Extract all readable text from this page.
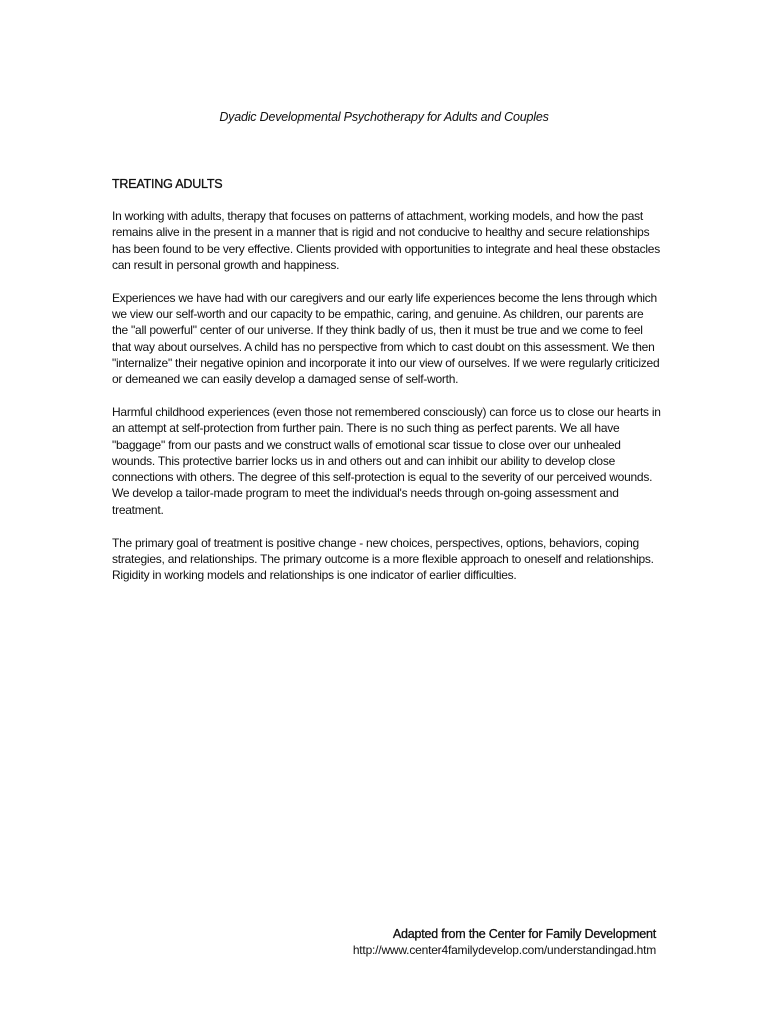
Dyadic Developmental Psychotherapy for Adults and Couples
TREATING ADULTS

In working with adults, therapy that focuses on patterns of attachment, working models, and how the past remains alive in the present in a manner that is rigid and not conducive to healthy and secure relationships has been found to be very effective. Clients provided with opportunities to integrate and heal these obstacles can result in personal growth and happiness.

Experiences we have had with our caregivers and our early life experiences become the lens through which we view our self-worth and our capacity to be empathic, caring, and genuine. As children, our parents are the "all powerful" center of our universe. If they think badly of us, then it must be true and we come to feel that way about ourselves. A child has no perspective from which to cast doubt on this assessment. We then "internalize" their negative opinion and incorporate it into our view of ourselves. If we were regularly criticized or demeaned we can easily develop a damaged sense of self-worth.

Harmful childhood experiences (even those not remembered consciously) can force us to close our hearts in an attempt at self-protection from further pain. There is no such thing as perfect parents. We all have "baggage" from our pasts and we construct walls of emotional scar tissue to close over our unhealed wounds. This protective barrier locks us in and others out and can inhibit our ability to develop close connections with others. The degree of this self-protection is equal to the severity of our perceived wounds. We develop a tailor-made program to meet the individual's needs through on-going assessment and treatment.

The primary goal of treatment is positive change - new choices, perspectives, options, behaviors, coping strategies, and relationships. The primary outcome is a more flexible approach to oneself and relationships. Rigidity in working models and relationships is one indicator of earlier difficulties.

Adapted from the Center for Family Development
http://www.center4familydevelop.com/understandingad.htm
